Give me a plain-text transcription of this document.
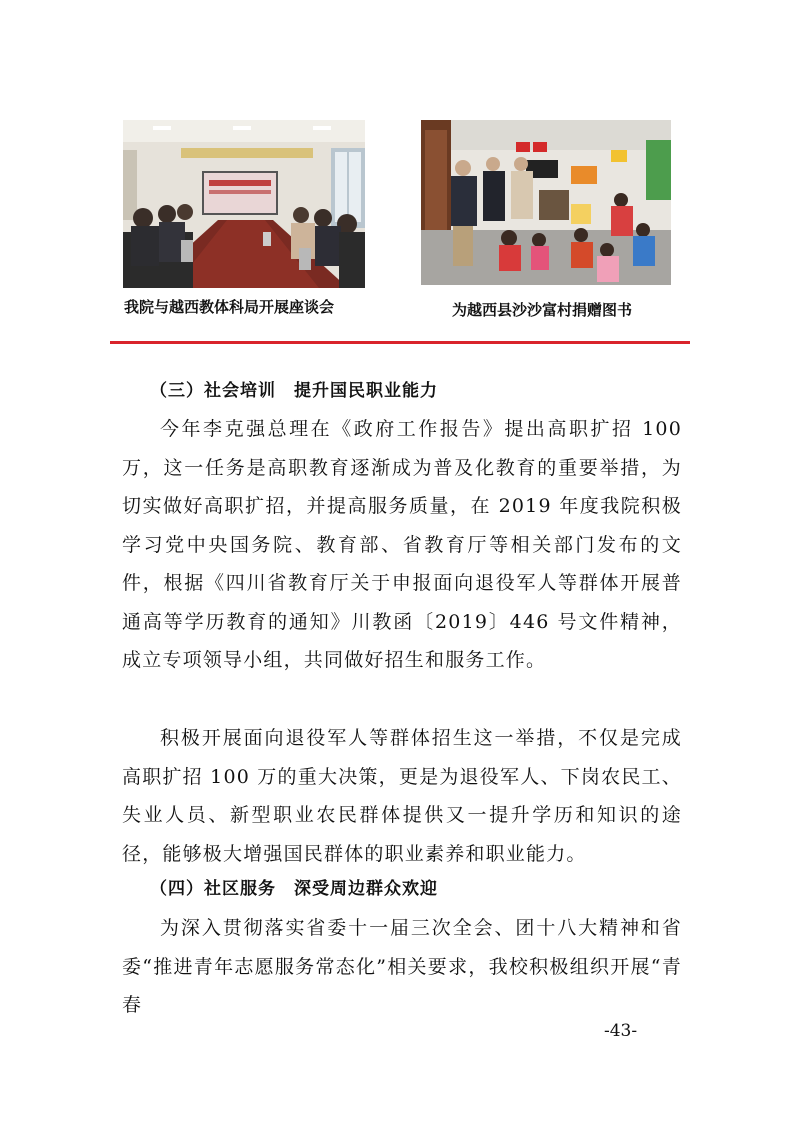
我院与越西教体科局开展座谈会	为越西县沙沙富村捐赠图书
（三）社会培训　提升国民职业能力
今年李克强总理在《政府工作报告》提出高职扩招 100 万，这一任务是高职教育逐渐成为普及化教育的重要举措，为切实做好高职扩招，并提高服务质量，在 2019 年度我院积极学习党中央国务院、教育部、省教育厅等相关部门发布的文件，根据《四川省教育厅关于申报面向退役军人等群体开展普通高等学历教育的通知》川教函〔2019〕446 号文件精神，成立专项领导小组，共同做好招生和服务工作。
积极开展面向退役军人等群体招生这一举措，不仅是完成高职扩招 100 万的重大决策，更是为退役军人、下岗农民工、失业人员、新型职业农民群体提供又一提升学历和知识的途径，能够极大增强国民群体的职业素养和职业能力。
（四）社区服务　深受周边群众欢迎
为深入贯彻落实省委十一届三次全会、团十八大精神和省委“推进青年志愿服务常态化”相关要求，我校积极组织开展“青春
-43-
